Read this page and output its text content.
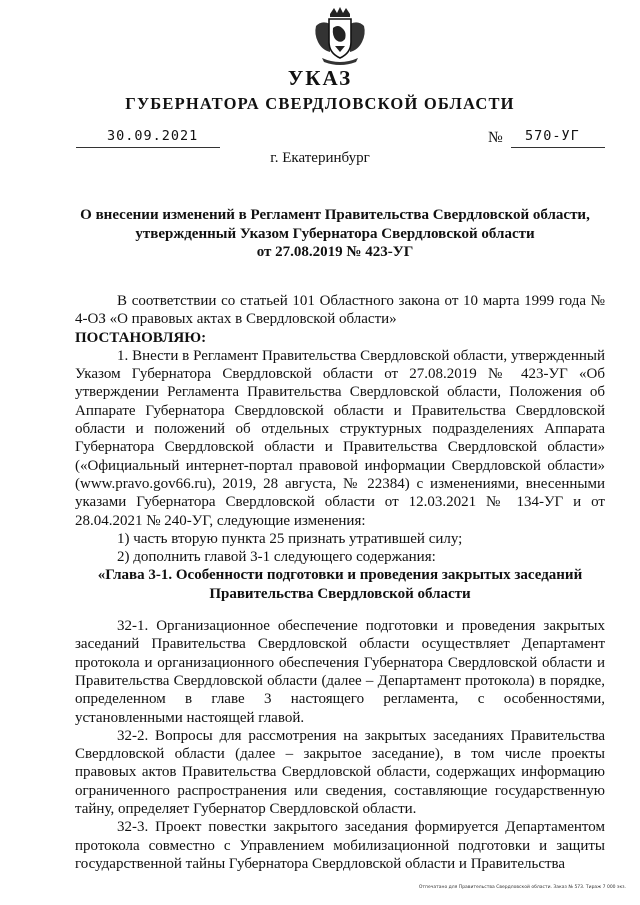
УКАЗ
ГУБЕРНАТОРА СВЕРДЛОВСКОЙ ОБЛАСТИ
30.09.2021	№ 570-УГ
г. Екатеринбург
О внесении изменений в Регламент Правительства Свердловской области,
утвержденный Указом Губернатора Свердловской области
от 27.08.2019 № 423-УГ

В соответствии со статьей 101 Областного закона от 10 марта 1999 года № 4-ОЗ «О правовых актах в Свердловской области»

ПОСТАНОВЛЯЮ:

1. Внести в Регламент Правительства Свердловской области, утвержденный Указом Губернатора Свердловской области от 27.08.2019 № 423-УГ «Об утверждении Регламента Правительства Свердловской области, Положения об Аппарате Губернатора Свердловской области и Правительства Свердловской области и положений об отдельных структурных подразделениях Аппарата Губернатора Свердловской области и Правительства Свердловской области» («Официальный интернет-портал правовой информации Свердловской области» (www.pravo.gov66.ru), 2019, 28 августа, № 22384) с изменениями, внесенными указами Губернатора Свердловской области от 12.03.2021 № 134-УГ и от 28.04.2021 № 240-УГ, следующие изменения:

1) часть вторую пункта 25 признать утратившей силу;

2) дополнить главой 3-1 следующего содержания:

«Глава 3-1. Особенности подготовки и проведения закрытых заседаний
Правительства Свердловской области

32-1. Организационное обеспечение подготовки и проведения закрытых заседаний Правительства Свердловской области осуществляет Департамент протокола и организационного обеспечения Губернатора Свердловской области и Правительства Свердловской области (далее – Департамент протокола) в порядке, определенном в главе 3 настоящего регламента, с особенностями, установленными настоящей главой.

32-2. Вопросы для рассмотрения на закрытых заседаниях Правительства Свердловской области (далее – закрытое заседание), в том числе проекты правовых актов Правительства Свердловской области, содержащих информацию ограниченного распространения или сведения, составляющие государственную тайну, определяет Губернатор Свердловской области.

32-3. Проект повестки закрытого заседания формируется Департаментом протокола совместно с Управлением мобилизационной подготовки и защиты государственной тайны Губернатора Свердловской области и Правительства

Отпечатано для Правительства Свердловской области. Заказ № 573. Тираж 7 000 экз.
